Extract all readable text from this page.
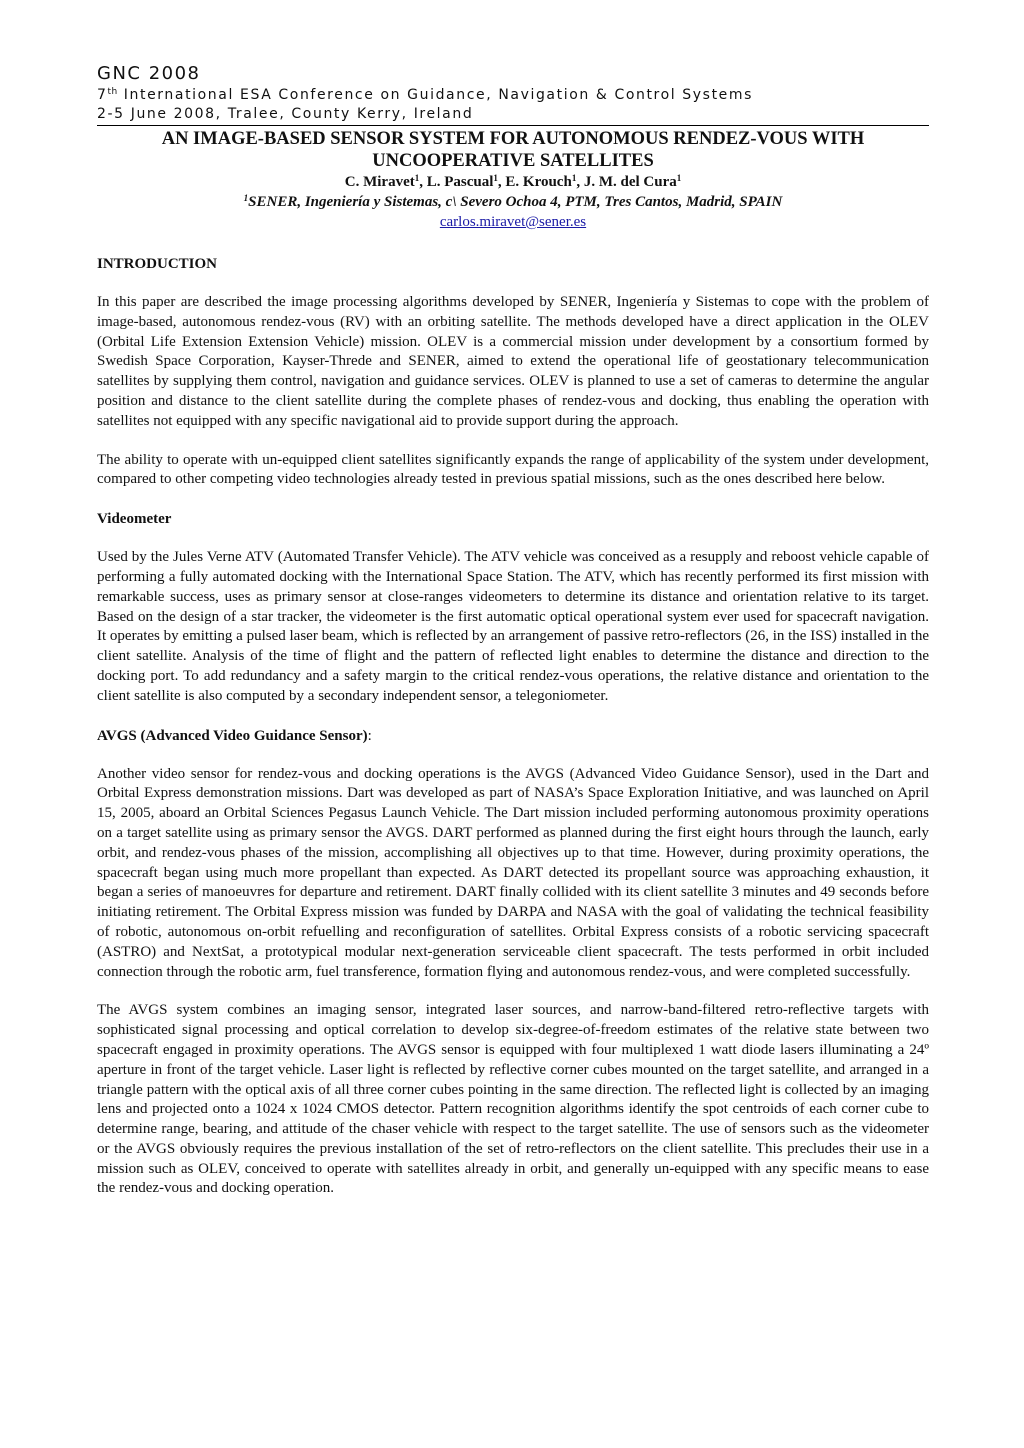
GNC 2008
7th International ESA Conference on Guidance, Navigation & Control Systems
2-5 June 2008, Tralee, County Kerry, Ireland
AN IMAGE-BASED SENSOR SYSTEM FOR AUTONOMOUS RENDEZ-VOUS WITH
UNCOOPERATIVE SATELLITES
C. Miravet$^1$, L. Pascual$^1$, E. Krouch$^1$, J. M. del Cura$^1$
$^1$SENER, Ingeniería y Sistemas, c\ Severo Ochoa 4, PTM, Tres Cantos, Madrid, SPAIN
carlos.miravet@sener.es
INTRODUCTION

In this paper are described the image processing algorithms developed by SENER, Ingeniería y Sistemas to cope with the problem of image-based, autonomous rendez-vous (RV) with an orbiting satellite. The methods developed have a direct application in the OLEV (Orbital Life Extension Extension Vehicle) mission. OLEV is a commercial mission under development by a consortium formed by Swedish Space Corporation, Kayser-Threde and SENER, aimed to extend the operational life of geostationary telecommunication satellites by supplying them control, navigation and guidance services. OLEV is planned to use a set of cameras to determine the angular position and distance to the client satellite during the complete phases of rendez-vous and docking, thus enabling the operation with satellites not equipped with any specific navigational aid to provide support during the approach.

The ability to operate with un-equipped client satellites significantly expands the range of applicability of the system under development, compared to other competing video technologies already tested in previous spatial missions, such as the ones described here below.

Videometer

Used by the Jules Verne ATV (Automated Transfer Vehicle). The ATV vehicle was conceived as a resupply and reboost vehicle capable of performing a fully automated docking with the International Space Station. The ATV, which has recently performed its first mission with remarkable success, uses as primary sensor at close-ranges videometers to determine its distance and orientation relative to its target. Based on the design of a star tracker, the videometer is the first automatic optical operational system ever used for spacecraft navigation. It operates by emitting a pulsed laser beam, which is reflected by an arrangement of passive retro-reflectors (26, in the ISS) installed in the client satellite. Analysis of the time of flight and the pattern of reflected light enables to determine the distance and direction to the docking port. To add redundancy and a safety margin to the critical rendez-vous operations, the relative distance and orientation to the client satellite is also computed by a secondary independent sensor, a telegoniometer.

AVGS (Advanced Video Guidance Sensor):

Another video sensor for rendez-vous and docking operations is the AVGS (Advanced Video Guidance Sensor), used in the Dart and Orbital Express demonstration missions. Dart was developed as part of NASA’s Space Exploration Initiative, and was launched on April 15, 2005, aboard an Orbital Sciences Pegasus Launch Vehicle. The Dart mission included performing autonomous proximity operations on a target satellite using as primary sensor the AVGS. DART performed as planned during the first eight hours through the launch, early orbit, and rendez-vous phases of the mission, accomplishing all objectives up to that time. However, during proximity operations, the spacecraft began using much more propellant than expected. As DART detected its propellant source was approaching exhaustion, it began a series of manoeuvres for departure and retirement. DART finally collided with its client satellite 3 minutes and 49 seconds before initiating retirement. The Orbital Express mission was funded by DARPA and NASA with the goal of validating the technical feasibility of robotic, autonomous on-orbit refuelling and reconfiguration of satellites. Orbital Express consists of a robotic servicing spacecraft (ASTRO) and NextSat, a prototypical modular next-generation serviceable client spacecraft. The tests performed in orbit included connection through the robotic arm, fuel transference, formation flying and autonomous rendez-vous, and were completed successfully.

The AVGS system combines an imaging sensor, integrated laser sources, and narrow-band-filtered retro-reflective targets with sophisticated signal processing and optical correlation to develop six-degree-of-freedom estimates of the relative state between two spacecraft engaged in proximity operations. The AVGS sensor is equipped with four multiplexed 1 watt diode lasers illuminating a 24º aperture in front of the target vehicle. Laser light is reflected by reflective corner cubes mounted on the target satellite, and arranged in a triangle pattern with the optical axis of all three corner cubes pointing in the same direction. The reflected light is collected by an imaging lens and projected onto a 1024 x 1024 CMOS detector. Pattern recognition algorithms identify the spot centroids of each corner cube to determine range, bearing, and attitude of the chaser vehicle with respect to the target satellite. The use of sensors such as the videometer or the AVGS obviously requires the previous installation of the set of retro-reflectors on the client satellite. This precludes their use in a mission such as OLEV, conceived to operate with satellites already in orbit, and generally un-equipped with any specific means to ease the rendez-vous and docking operation.
